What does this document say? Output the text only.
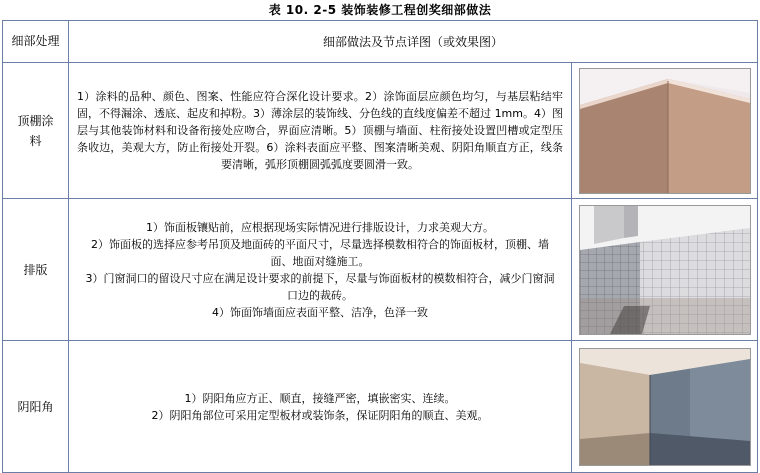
表 10. 2-5 装饰装修工程创奖细部做法
细部处理	细部做法及节点详图（或效果图）	

顶棚涂料	1）涂料的品种、颜色、图案、性能应符合深化设计要求。2）涂饰面层应颜色均匀，与基层粘结牢固，不得漏涂、透底、起皮和掉粉。3）薄涂层的装饰线、分色线的直线度偏差不超过 1mm。4）图层与其他装饰材料和设备衔接处应吻合，界面应清晰。5）顶棚与墙面、柱衔接处设置凹槽或定型压条收边，美观大方，防止衔接处开裂。6）涂料表面应平整、图案清晰美观、阴阳角顺直方正，线条要清晰，弧形顶棚圆弧弧度要圆滑一致。

排版	1）饰面板镶贴前，应根据现场实际情况进行排版设计，力求美观大方。
2）饰面板的选择应参考吊顶及地面砖的平面尺寸，尽量选择模数相符合的饰面板材，顶棚、墙面、地面对缝施工。
3）门窗洞口的留设尺寸应在满足设计要求的前提下，尽量与饰面板材的模数相符合，减少门窗洞口边的裁砖。
4）饰面饰墙面应表面平整、洁净，色泽一致

阴阳角	1）阴阳角应方正、顺直，接缝严密，填嵌密实、连续。
2）阴阳角部位可采用定型板材或装饰条，保证阴阳角的顺直、美观。
